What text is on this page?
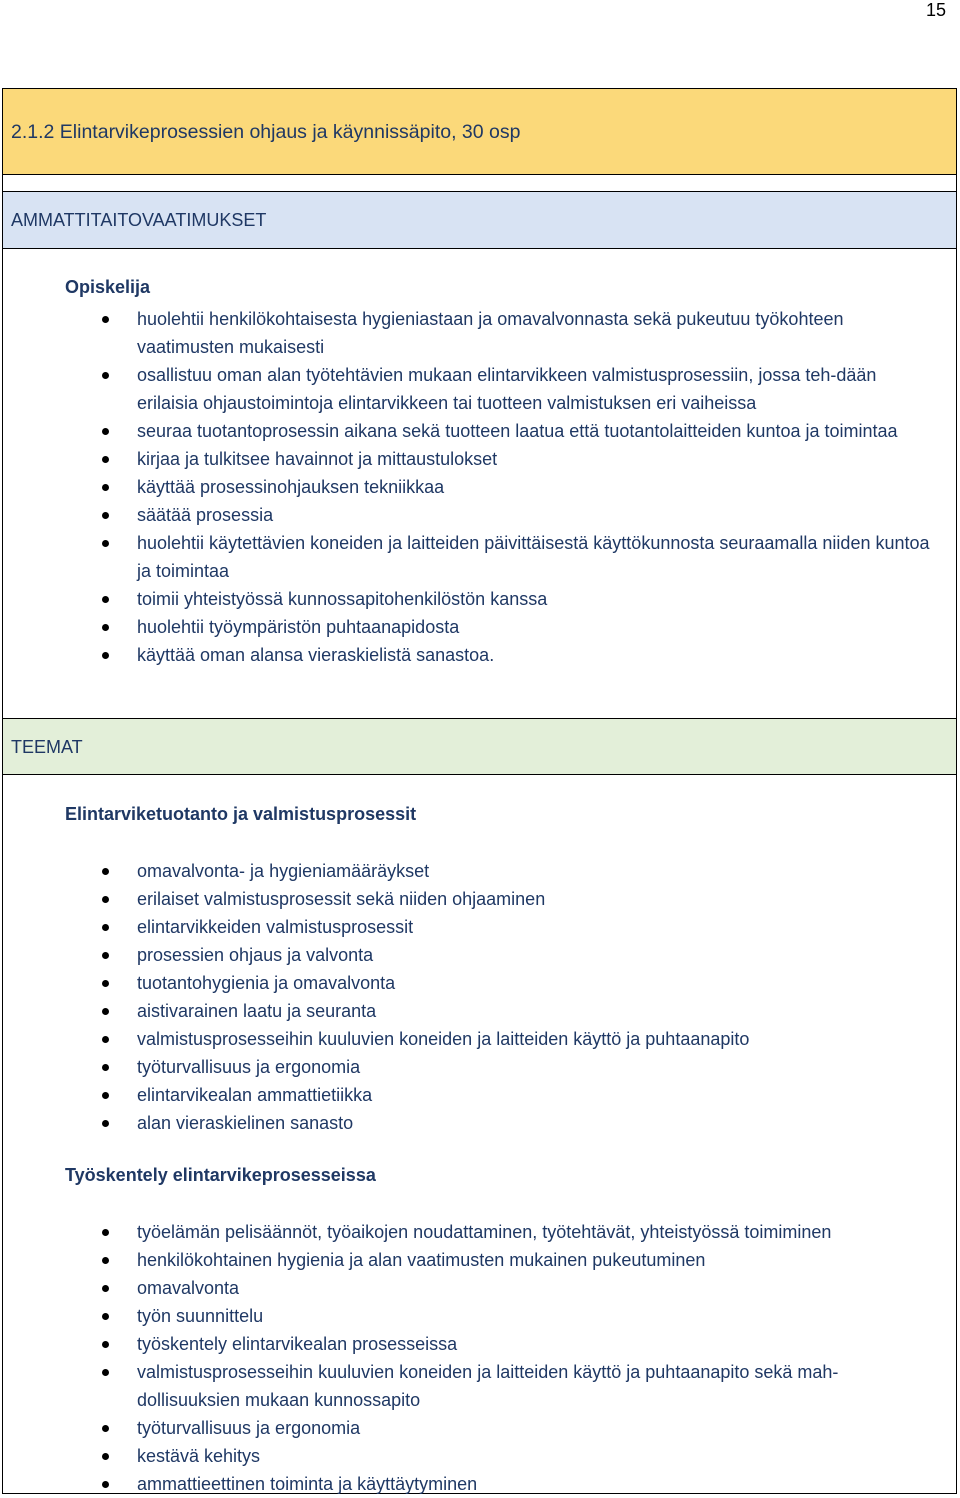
15
2.1.2 Elintarvikeprosessien ohjaus ja käynnissäpito, 30 osp
AMMATTITAITOVAATIMUKSET
Opiskelija
huolehtii henkilökohtaisesta hygieniastaan ja omavalvonnasta sekä pukeutuu työkohteen vaatimusten mukaisesti
osallistuu oman alan työtehtävien mukaan elintarvikkeen valmistusprosessiin, jossa teh-dään erilaisia ohjaustoimintoja elintarvikkeen tai tuotteen valmistuksen eri vaiheissa
seuraa tuotantoprosessin aikana sekä tuotteen laatua että tuotantolaitteiden kuntoa ja toimintaa
kirjaa ja tulkitsee havainnot ja mittaustulokset
käyttää prosessinohjauksen tekniikkaa
säätää prosessia
huolehtii käytettävien koneiden ja laitteiden päivittäisestä käyttökunnosta seuraamalla niiden kuntoa ja toimintaa
toimii yhteistyössä kunnossapitohenkilöstön kanssa
huolehtii työympäristön puhtaanapidosta
käyttää oman alansa vieraskielistä sanastoa.
TEEMAT
Elintarviketuotanto ja valmistusprosessit
omavalvonta- ja hygieniamääräykset
erilaiset valmistusprosessit sekä niiden ohjaaminen
elintarvikkeiden valmistusprosessit
prosessien ohjaus ja valvonta
tuotantohygienia ja omavalvonta
aistivarainen laatu ja seuranta
valmistusprosesseihin kuuluvien koneiden ja laitteiden käyttö ja puhtaanapito
työturvallisuus ja ergonomia
elintarvikealan ammattietiikka
alan vieraskielinen sanasto
Työskentely elintarvikeprosesseissa
työelämän pelisäännöt, työaikojen noudattaminen, työtehtävät, yhteistyössä toimiminen
henkilökohtainen hygienia ja alan vaatimusten mukainen pukeutuminen
omavalvonta
työn suunnittelu
työskentely elintarvikealan prosesseissa
valmistusprosesseihin kuuluvien koneiden ja laitteiden käyttö ja puhtaanapito sekä mah-dollisuuksien mukaan kunnossapito
työturvallisuus ja ergonomia
kestävä kehitys
ammattieettinen toiminta ja käyttäytyminen
